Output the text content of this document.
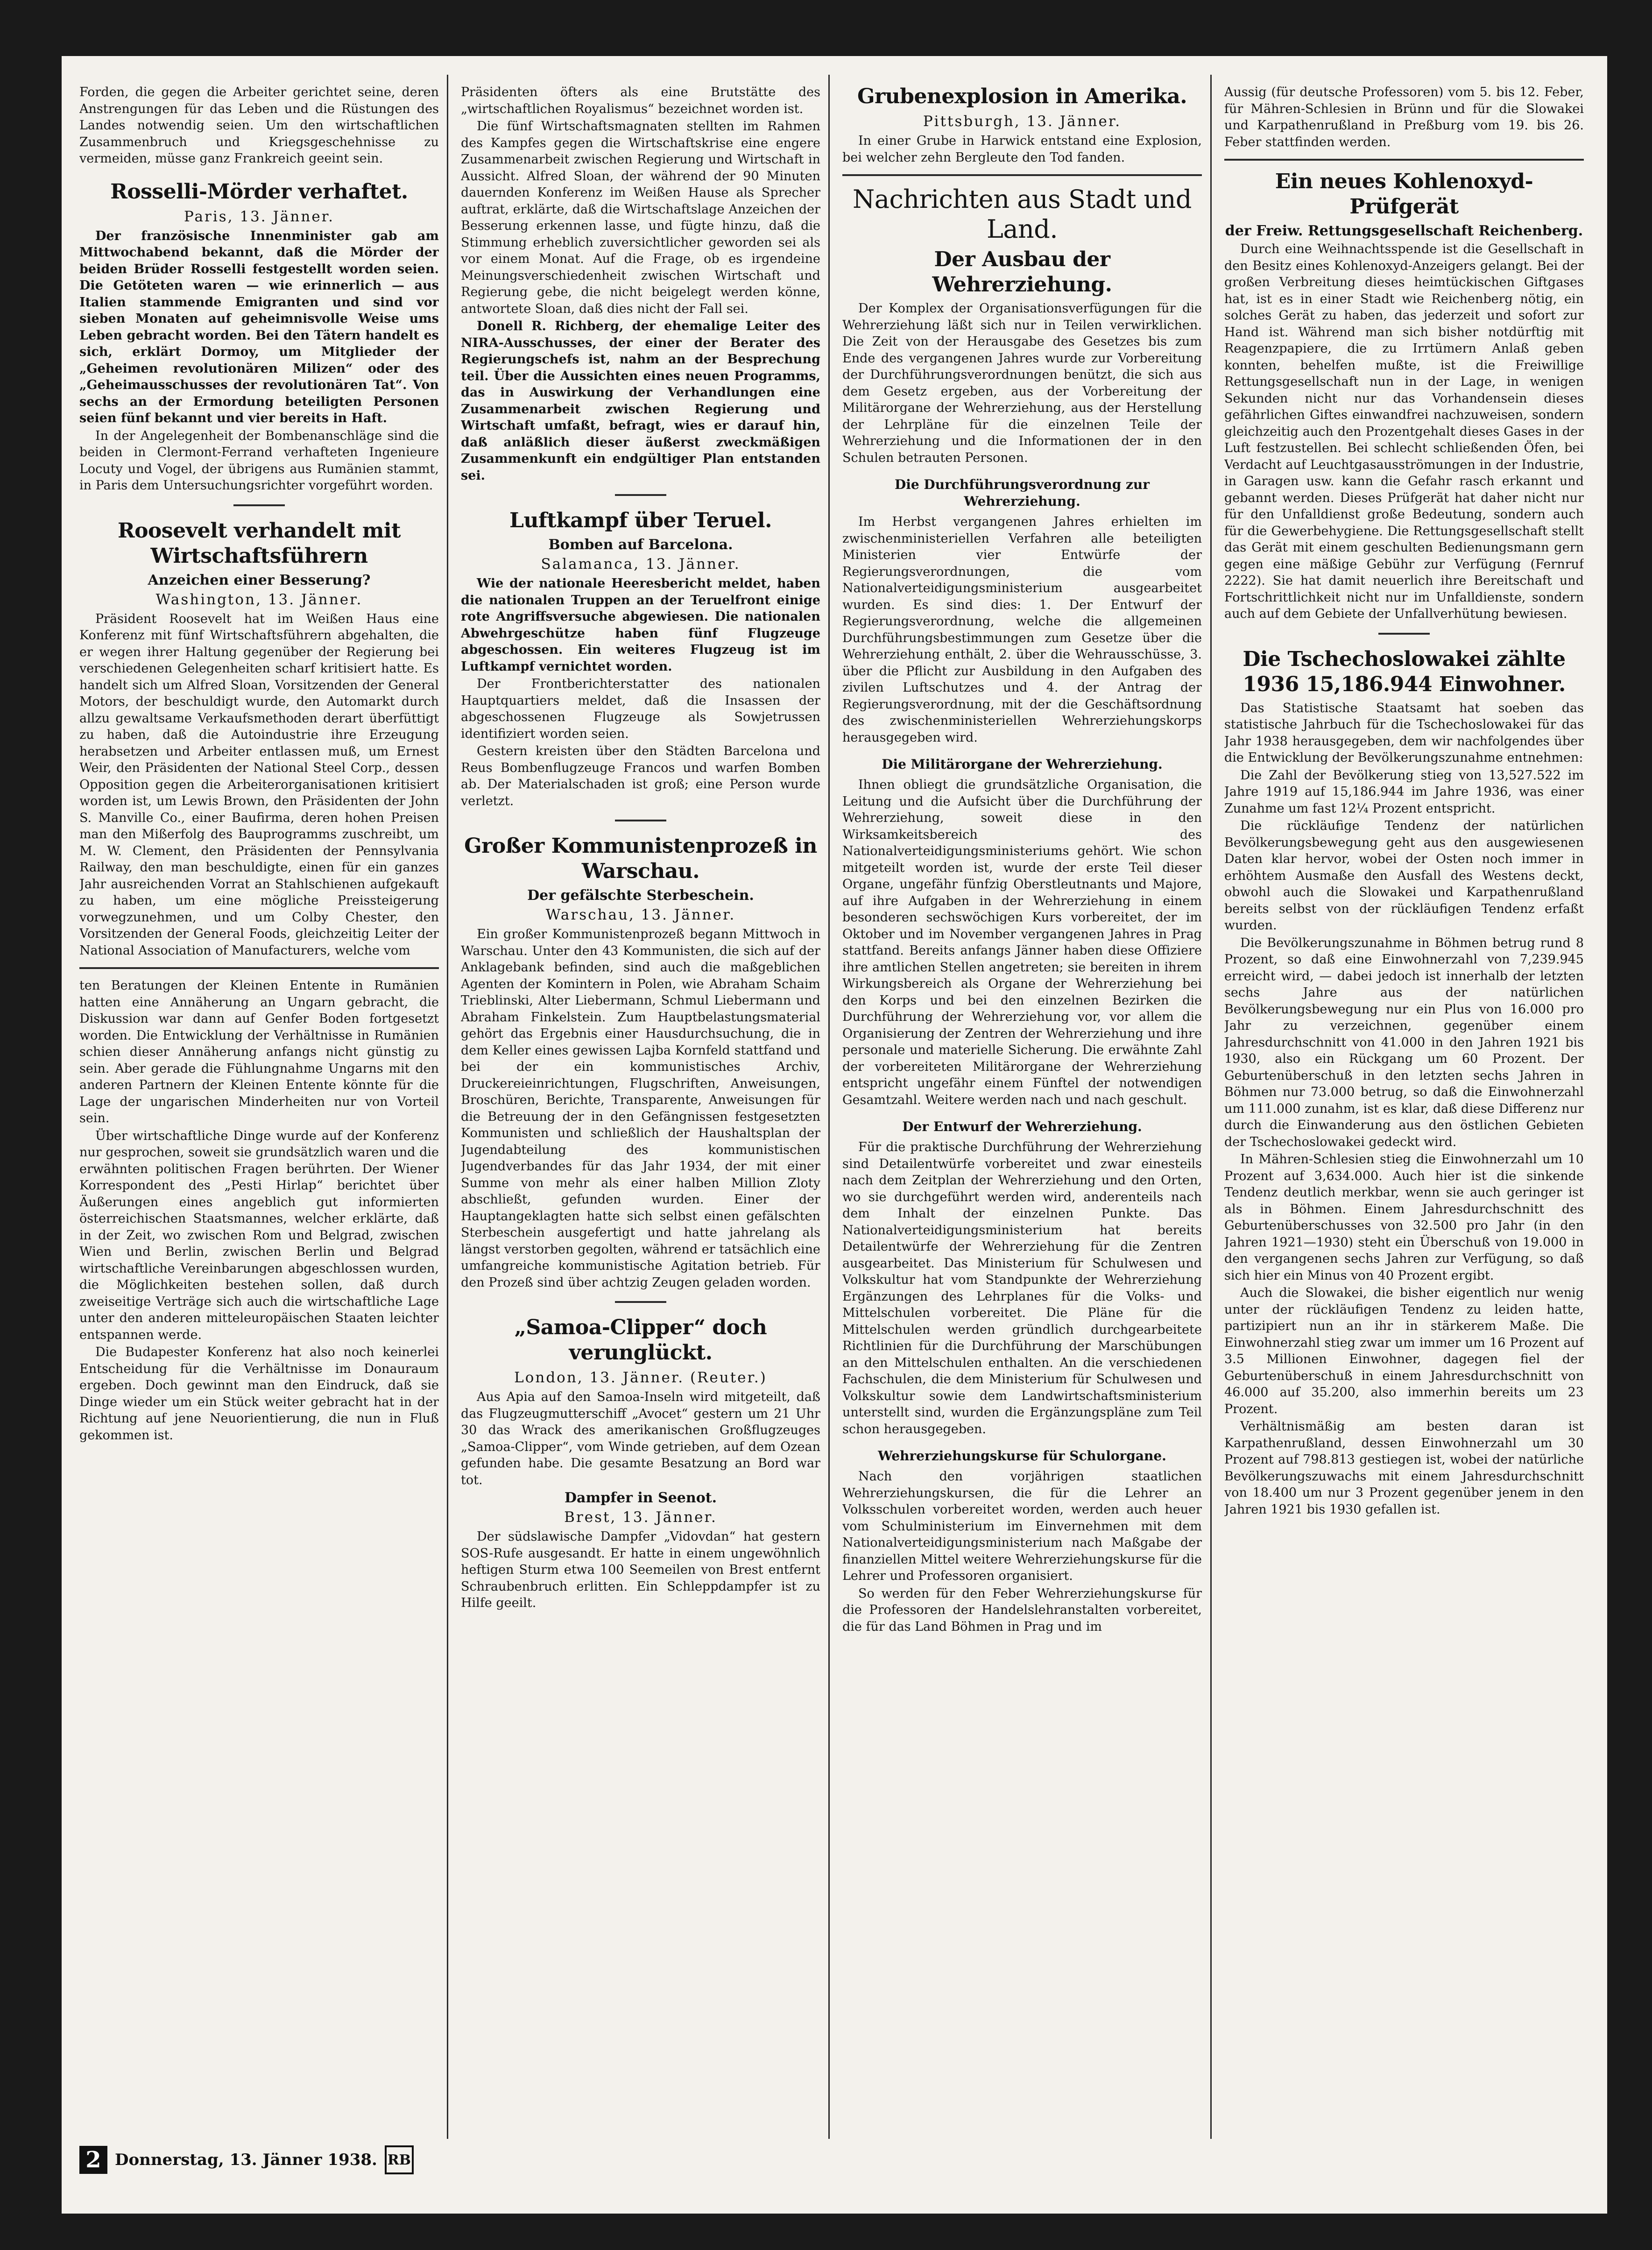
Forden, die gegen die Arbeiter gerichtet seine, deren Anstrengungen für das Leben und die Rüstungen des Landes notwendig seien. Um den wirtschaftlichen Zusammenbruch und Kriegsgeschehnisse zu vermeiden, müsse ganz Frankreich geeint sein.

Rosselli-Mörder verhaftet.
Paris, 13. Jänner.

Der französische Innenminister gab am Mittwochabend bekannt, daß die Mörder der beiden Brüder Rosselli festgestellt worden seien. Die Getöteten waren — wie erinnerlich — aus Italien stammende Emigranten und sind vor sieben Monaten auf geheimnisvolle Weise ums Leben gebracht worden. Bei den Tätern handelt es sich, erklärt Dormoy, um Mitglieder der „Geheimen revolutionären Milizen“ oder des „Geheimausschusses der revolutionären Tat“. Von sechs an der Ermordung beteiligten Personen seien fünf bekannt und vier bereits in Haft.

In der Angelegenheit der Bombenanschläge sind die beiden in Clermont-Ferrand verhafteten Ingenieure Locuty und Vogel, der übrigens aus Rumänien stammt, in Paris dem Untersuchungsrichter vorgeführt worden.

Roosevelt verhandelt mit Wirtschaftsführern
Anzeichen einer Besserung?
Washington, 13. Jänner.

Präsident Roosevelt hat im Weißen Haus eine Konferenz mit fünf Wirtschaftsführern abgehalten, die er wegen ihrer Haltung gegenüber der Regierung bei verschiedenen Gelegenheiten scharf kritisiert hatte. Es handelt sich um Alfred Sloan, Vorsitzenden der General Motors, der beschuldigt wurde, den Automarkt durch allzu gewaltsame Verkaufsmethoden derart überfüttigt zu haben, daß die Autoindustrie ihre Erzeugung herabsetzen und Arbeiter entlassen muß, um Ernest Weir, den Präsidenten der National Steel Corp., dessen Opposition gegen die Arbeiterorganisationen kritisiert worden ist, um Lewis Brown, den Präsidenten der John S. Manville Co., einer Baufirma, deren hohen Preisen man den Mißerfolg des Bauprogramms zuschreibt, um M. W. Clement, den Präsidenten der Pennsylvania Railway, den man beschuldigte, einen für ein ganzes Jahr ausreichenden Vorrat an Stahlschienen aufgekauft zu haben, um eine mögliche Preissteigerung vorwegzunehmen, und um Colby Chester, den Vorsitzenden der General Foods, gleichzeitig Leiter der National Association of Manufacturers, welche vom

ten Beratungen der Kleinen Entente in Rumänien hatten eine Annäherung an Ungarn gebracht, die Diskussion war dann auf Genfer Boden fortgesetzt worden. Die Entwicklung der Verhältnisse in Rumänien schien dieser Annäherung anfangs nicht günstig zu sein. Aber gerade die Fühlungnahme Ungarns mit den anderen Partnern der Kleinen Entente könnte für die Lage der ungarischen Minderheiten nur von Vorteil sein.

Über wirtschaftliche Dinge wurde auf der Konferenz nur gesprochen, soweit sie grundsätzlich waren und die erwähnten politischen Fragen berührten. Der Wiener Korrespondent des „Pesti Hirlap“ berichtet über Äußerungen eines angeblich gut informierten österreichischen Staatsmannes, welcher erklärte, daß in der Zeit, wo zwischen Rom und Belgrad, zwischen Wien und Berlin, zwischen Berlin und Belgrad wirtschaftliche Vereinbarungen abgeschlossen wurden, die Möglichkeiten bestehen sollen, daß durch zweiseitige Verträge sich auch die wirtschaftliche Lage unter den anderen mitteleuropäischen Staaten leichter entspannen werde.

Die Budapester Konferenz hat also noch keinerlei Entscheidung für die Verhältnisse im Donauraum ergeben. Doch gewinnt man den Eindruck, daß sie Dinge wieder um ein Stück weiter gebracht hat in der Richtung auf jene Neuorientierung, die nun in Fluß gekommen ist.

Präsidenten öfters als eine Brutstätte des „wirtschaftlichen Royalismus“ bezeichnet worden ist.

Die fünf Wirtschaftsmagnaten stellten im Rahmen des Kampfes gegen die Wirtschaftskrise eine engere Zusammenarbeit zwischen Regierung und Wirtschaft in Aussicht. Alfred Sloan, der während der 90 Minuten dauernden Konferenz im Weißen Hause als Sprecher auftrat, erklärte, daß die Wirtschaftslage Anzeichen der Besserung erkennen lasse, und fügte hinzu, daß die Stimmung erheblich zuversichtlicher geworden sei als vor einem Monat. Auf die Frage, ob es irgendeine Meinungsverschiedenheit zwischen Wirtschaft und Regierung gebe, die nicht beigelegt werden könne, antwortete Sloan, daß dies nicht der Fall sei.

Donell R. Richberg, der ehemalige Leiter des NIRA-Ausschusses, der einer der Berater des Regierungschefs ist, nahm an der Besprechung teil. Über die Aussichten eines neuen Programms, das in Auswirkung der Verhandlungen eine Zusammenarbeit zwischen Regierung und Wirtschaft umfaßt, befragt, wies er darauf hin, daß anläßlich dieser äußerst zweckmäßigen Zusammenkunft ein endgültiger Plan entstanden sei.

Luftkampf über Teruel.
Bomben auf Barcelona.
Salamanca, 13. Jänner.

Wie der nationale Heeresbericht meldet, haben die nationalen Truppen an der Teruelfront einige rote Angriffsversuche abgewiesen. Die nationalen Abwehrgeschütze haben fünf Flugzeuge abgeschossen. Ein weiteres Flugzeug ist im Luftkampf vernichtet worden.

Der Frontberichterstatter des nationalen Hauptquartiers meldet, daß die Insassen der abgeschossenen Flugzeuge als Sowjetrussen identifiziert worden seien.

Gestern kreisten über den Städten Barcelona und Reus Bombenflugzeuge Francos und warfen Bomben ab. Der Materialschaden ist groß; eine Person wurde verletzt.

Großer Kommunistenprozeß in Warschau.
Der gefälschte Sterbeschein.
Warschau, 13. Jänner.

Ein großer Kommunistenprozeß begann Mittwoch in Warschau. Unter den 43 Kommunisten, die sich auf der Anklagebank befinden, sind auch die maßgeblichen Agenten der Komintern in Polen, wie Abraham Schaim Trieblinski, Alter Liebermann, Schmul Liebermann und Abraham Finkelstein. Zum Hauptbelastungsmaterial gehört das Ergebnis einer Hausdurchsuchung, die in dem Keller eines gewissen Lajba Kornfeld stattfand und bei der ein kommunistisches Archiv, Druckereieinrichtungen, Flugschriften, Anweisungen, Broschüren, Berichte, Transparente, Anweisungen für die Betreuung der in den Gefängnissen festgesetzten Kommunisten und schließlich der Haushaltsplan der Jugendabteilung des kommunistischen Jugendverbandes für das Jahr 1934, der mit einer Summe von mehr als einer halben Million Zloty abschließt, gefunden wurden. Einer der Hauptangeklagten hatte sich selbst einen gefälschten Sterbeschein ausgefertigt und hatte jahrelang als längst verstorben gegolten, während er tatsächlich eine umfangreiche kommunistische Agitation betrieb. Für den Prozeß sind über achtzig Zeugen geladen worden.

„Samoa-Clipper“ doch verunglückt.
London, 13. Jänner. (Reuter.)

Aus Apia auf den Samoa-Inseln wird mitgeteilt, daß das Flugzeugmutterschiff „Avocet“ gestern um 21 Uhr 30 das Wrack des amerikanischen Großflugzeuges „Samoa-Clipper“, vom Winde getrieben, auf dem Ozean gefunden habe. Die gesamte Besatzung an Bord war tot.

Dampfer in Seenot.
Brest, 13. Jänner.

Der südslawische Dampfer „Vidovdan“ hat gestern SOS-Rufe ausgesandt. Er hatte in einem ungewöhnlich heftigen Sturm etwa 100 Seemeilen von Brest entfernt Schraubenbruch erlitten. Ein Schleppdampfer ist zu Hilfe geeilt.

Grubenexplosion in Amerika.
Pittsburgh, 13. Jänner.

In einer Grube in Harwick entstand eine Explosion, bei welcher zehn Bergleute den Tod fanden.

Nachrichten aus Stadt und Land.
Der Ausbau der Wehrerziehung.

Der Komplex der Organisationsverfügungen für die Wehrerziehung läßt sich nur in Teilen verwirklichen. Die Zeit von der Herausgabe des Gesetzes bis zum Ende des vergangenen Jahres wurde zur Vorbereitung der Durchführungsverordnungen benützt, die sich aus dem Gesetz ergeben, aus der Vorbereitung der Militärorgane der Wehrerziehung, aus der Herstellung der Lehrpläne für die einzelnen Teile der Wehrerziehung und die Informationen der in den Schulen betrauten Personen.

Die Durchführungsverordnung zur Wehrerziehung.

Im Herbst vergangenen Jahres erhielten im zwischenministeriellen Verfahren alle beteiligten Ministerien vier Entwürfe der Regierungsverordnungen, die vom Nationalverteidigungsministerium ausgearbeitet wurden. Es sind dies: 1. Der Entwurf der Regierungsverordnung, welche die allgemeinen Durchführungsbestimmungen zum Gesetze über die Wehrerziehung enthält, 2. über die Wehrausschüsse, 3. über die Pflicht zur Ausbildung in den Aufgaben des zivilen Luftschutzes und 4. der Antrag der Regierungsverordnung, mit der die Geschäftsordnung des zwischenministeriellen Wehrerziehungskorps herausgegeben wird.

Die Militärorgane der Wehrerziehung.

Ihnen obliegt die grundsätzliche Organisation, die Leitung und die Aufsicht über die Durchführung der Wehrerziehung, soweit diese in den Wirksamkeitsbereich des Nationalverteidigungsministeriums gehört. Wie schon mitgeteilt worden ist, wurde der erste Teil dieser Organe, ungefähr fünfzig Oberstleutnants und Majore, auf ihre Aufgaben in der Wehrerziehung in einem besonderen sechswöchigen Kurs vorbereitet, der im Oktober und im November vergangenen Jahres in Prag stattfand. Bereits anfangs Jänner haben diese Offiziere ihre amtlichen Stellen angetreten; sie bereiten in ihrem Wirkungsbereich als Organe der Wehrerziehung bei den Korps und bei den einzelnen Bezirken die Durchführung der Wehrerziehung vor, vor allem die Organisierung der Zentren der Wehrerziehung und ihre personale und materielle Sicherung. Die erwähnte Zahl der vorbereiteten Militärorgane der Wehrerziehung entspricht ungefähr einem Fünftel der notwendigen Gesamtzahl. Weitere werden nach und nach geschult.

Der Entwurf der Wehrerziehung.

Für die praktische Durchführung der Wehrerziehung sind Detailentwürfe vorbereitet und zwar einesteils nach dem Zeitplan der Wehrerziehung und den Orten, wo sie durchgeführt werden wird, anderenteils nach dem Inhalt der einzelnen Punkte. Das Nationalverteidigungsministerium hat bereits Detailentwürfe der Wehrerziehung für die Zentren ausgearbeitet. Das Ministerium für Schulwesen und Volkskultur hat vom Standpunkte der Wehrerziehung Ergänzungen des Lehrplanes für die Volks- und Mittelschulen vorbereitet. Die Pläne für die Mittelschulen werden gründlich durchgearbeitete Richtlinien für die Durchführung der Marschübungen an den Mittelschulen enthalten. An die verschiedenen Fachschulen, die dem Ministerium für Schulwesen und Volkskultur sowie dem Landwirtschaftsministerium unterstellt sind, wurden die Ergänzungspläne zum Teil schon herausgegeben.

Wehrerziehungskurse für Schulorgane.

Nach den vorjährigen staatlichen Wehrerziehungskursen, die für die Lehrer an Volksschulen vorbereitet worden, werden auch heuer vom Schulministerium im Einvernehmen mit dem Nationalverteidigungsministerium nach Maßgabe der finanziellen Mittel weitere Wehrerziehungskurse für die Lehrer und Professoren organisiert.

So werden für den Feber Wehrerziehungskurse für die Professoren der Handelslehranstalten vorbereitet, die für das Land Böhmen in Prag und im

Aussig (für deutsche Professoren) vom 5. bis 12. Feber, für Mähren-Schlesien in Brünn und für die Slowakei und Karpathenrußland in Preßburg vom 19. bis 26. Feber stattfinden werden.

Ein neues Kohlenoxyd-Prüfgerät
der Freiw. Rettungsgesellschaft Reichenberg.

Durch eine Weihnachtsspende ist die Gesellschaft in den Besitz eines Kohlenoxyd-Anzeigers gelangt. Bei der großen Verbreitung dieses heimtückischen Giftgases hat, ist es in einer Stadt wie Reichenberg nötig, ein solches Gerät zu haben, das jederzeit und sofort zur Hand ist. Während man sich bisher notdürftig mit Reagenzpapiere, die zu Irrtümern Anlaß geben konnten, behelfen mußte, ist die Freiwillige Rettungsgesellschaft nun in der Lage, in wenigen Sekunden nicht nur das Vorhandensein dieses gefährlichen Giftes einwandfrei nachzuweisen, sondern gleichzeitig auch den Prozentgehalt dieses Gases in der Luft festzustellen. Bei schlecht schließenden Öfen, bei Verdacht auf Leuchtgasausströmungen in der Industrie, in Garagen usw. kann die Gefahr rasch erkannt und gebannt werden. Dieses Prüfgerät hat daher nicht nur für den Unfalldienst große Bedeutung, sondern auch für die Gewerbehygiene. Die Rettungsgesellschaft stellt das Gerät mit einem geschulten Bedienungsmann gern gegen eine mäßige Gebühr zur Verfügung (Fernruf 2222). Sie hat damit neuerlich ihre Bereitschaft und Fortschrittlichkeit nicht nur im Unfalldienste, sondern auch auf dem Gebiete der Unfallverhütung bewiesen.

Die Tschechoslowakei zählte 1936 15,186.944 Einwohner.

Das Statistische Staatsamt hat soeben das statistische Jahrbuch für die Tschechoslowakei für das Jahr 1938 herausgegeben, dem wir nachfolgendes über die Entwicklung der Bevölkerungszunahme entnehmen:

Die Zahl der Bevölkerung stieg von 13,527.522 im Jahre 1919 auf 15,186.944 im Jahre 1936, was einer Zunahme um fast 12¼ Prozent entspricht.

Die rückläufige Tendenz der natürlichen Bevölkerungsbewegung geht aus den ausgewiesenen Daten klar hervor, wobei der Osten noch immer in erhöhtem Ausmaße den Ausfall des Westens deckt, obwohl auch die Slowakei und Karpathenrußland bereits selbst von der rückläufigen Tendenz erfaßt wurden.

Die Bevölkerungszunahme in Böhmen betrug rund 8 Prozent, so daß eine Einwohnerzahl von 7,239.945 erreicht wird, — dabei jedoch ist innerhalb der letzten sechs Jahre aus der natürlichen Bevölkerungsbewegung nur ein Plus von 16.000 pro Jahr zu verzeichnen, gegenüber einem Jahresdurchschnitt von 41.000 in den Jahren 1921 bis 1930, also ein Rückgang um 60 Prozent. Der Geburtenüberschuß in den letzten sechs Jahren in Böhmen nur 73.000 betrug, so daß die Einwohnerzahl um 111.000 zunahm, ist es klar, daß diese Differenz nur durch die Einwanderung aus den östlichen Gebieten der Tschechoslowakei gedeckt wird.

In Mähren-Schlesien stieg die Einwohnerzahl um 10 Prozent auf 3,634.000. Auch hier ist die sinkende Tendenz deutlich merkbar, wenn sie auch geringer ist als in Böhmen. Einem Jahresdurchschnitt des Geburtenüberschusses von 32.500 pro Jahr (in den Jahren 1921—1930) steht ein Überschuß von 19.000 in den vergangenen sechs Jahren zur Verfügung, so daß sich hier ein Minus von 40 Prozent ergibt.

Auch die Slowakei, die bisher eigentlich nur wenig unter der rückläufigen Tendenz zu leiden hatte, partizipiert nun an ihr in stärkerem Maße. Die Einwohnerzahl stieg zwar um immer um 16 Prozent auf 3.5 Millionen Einwohner, dagegen fiel der Geburtenüberschuß in einem Jahresdurchschnitt von 46.000 auf 35.200, also immerhin bereits um 23 Prozent.

Verhältnismäßig am besten daran ist Karpathenrußland, dessen Einwohnerzahl um 30 Prozent auf 798.813 gestiegen ist, wobei der natürliche Bevölkerungszuwachs mit einem Jahresdurchschnitt von 18.400 um nur 3 Prozent gegenüber jenem in den Jahren 1921 bis 1930 gefallen ist.

2 Donnerstag, 13. Jänner 1938. RB
